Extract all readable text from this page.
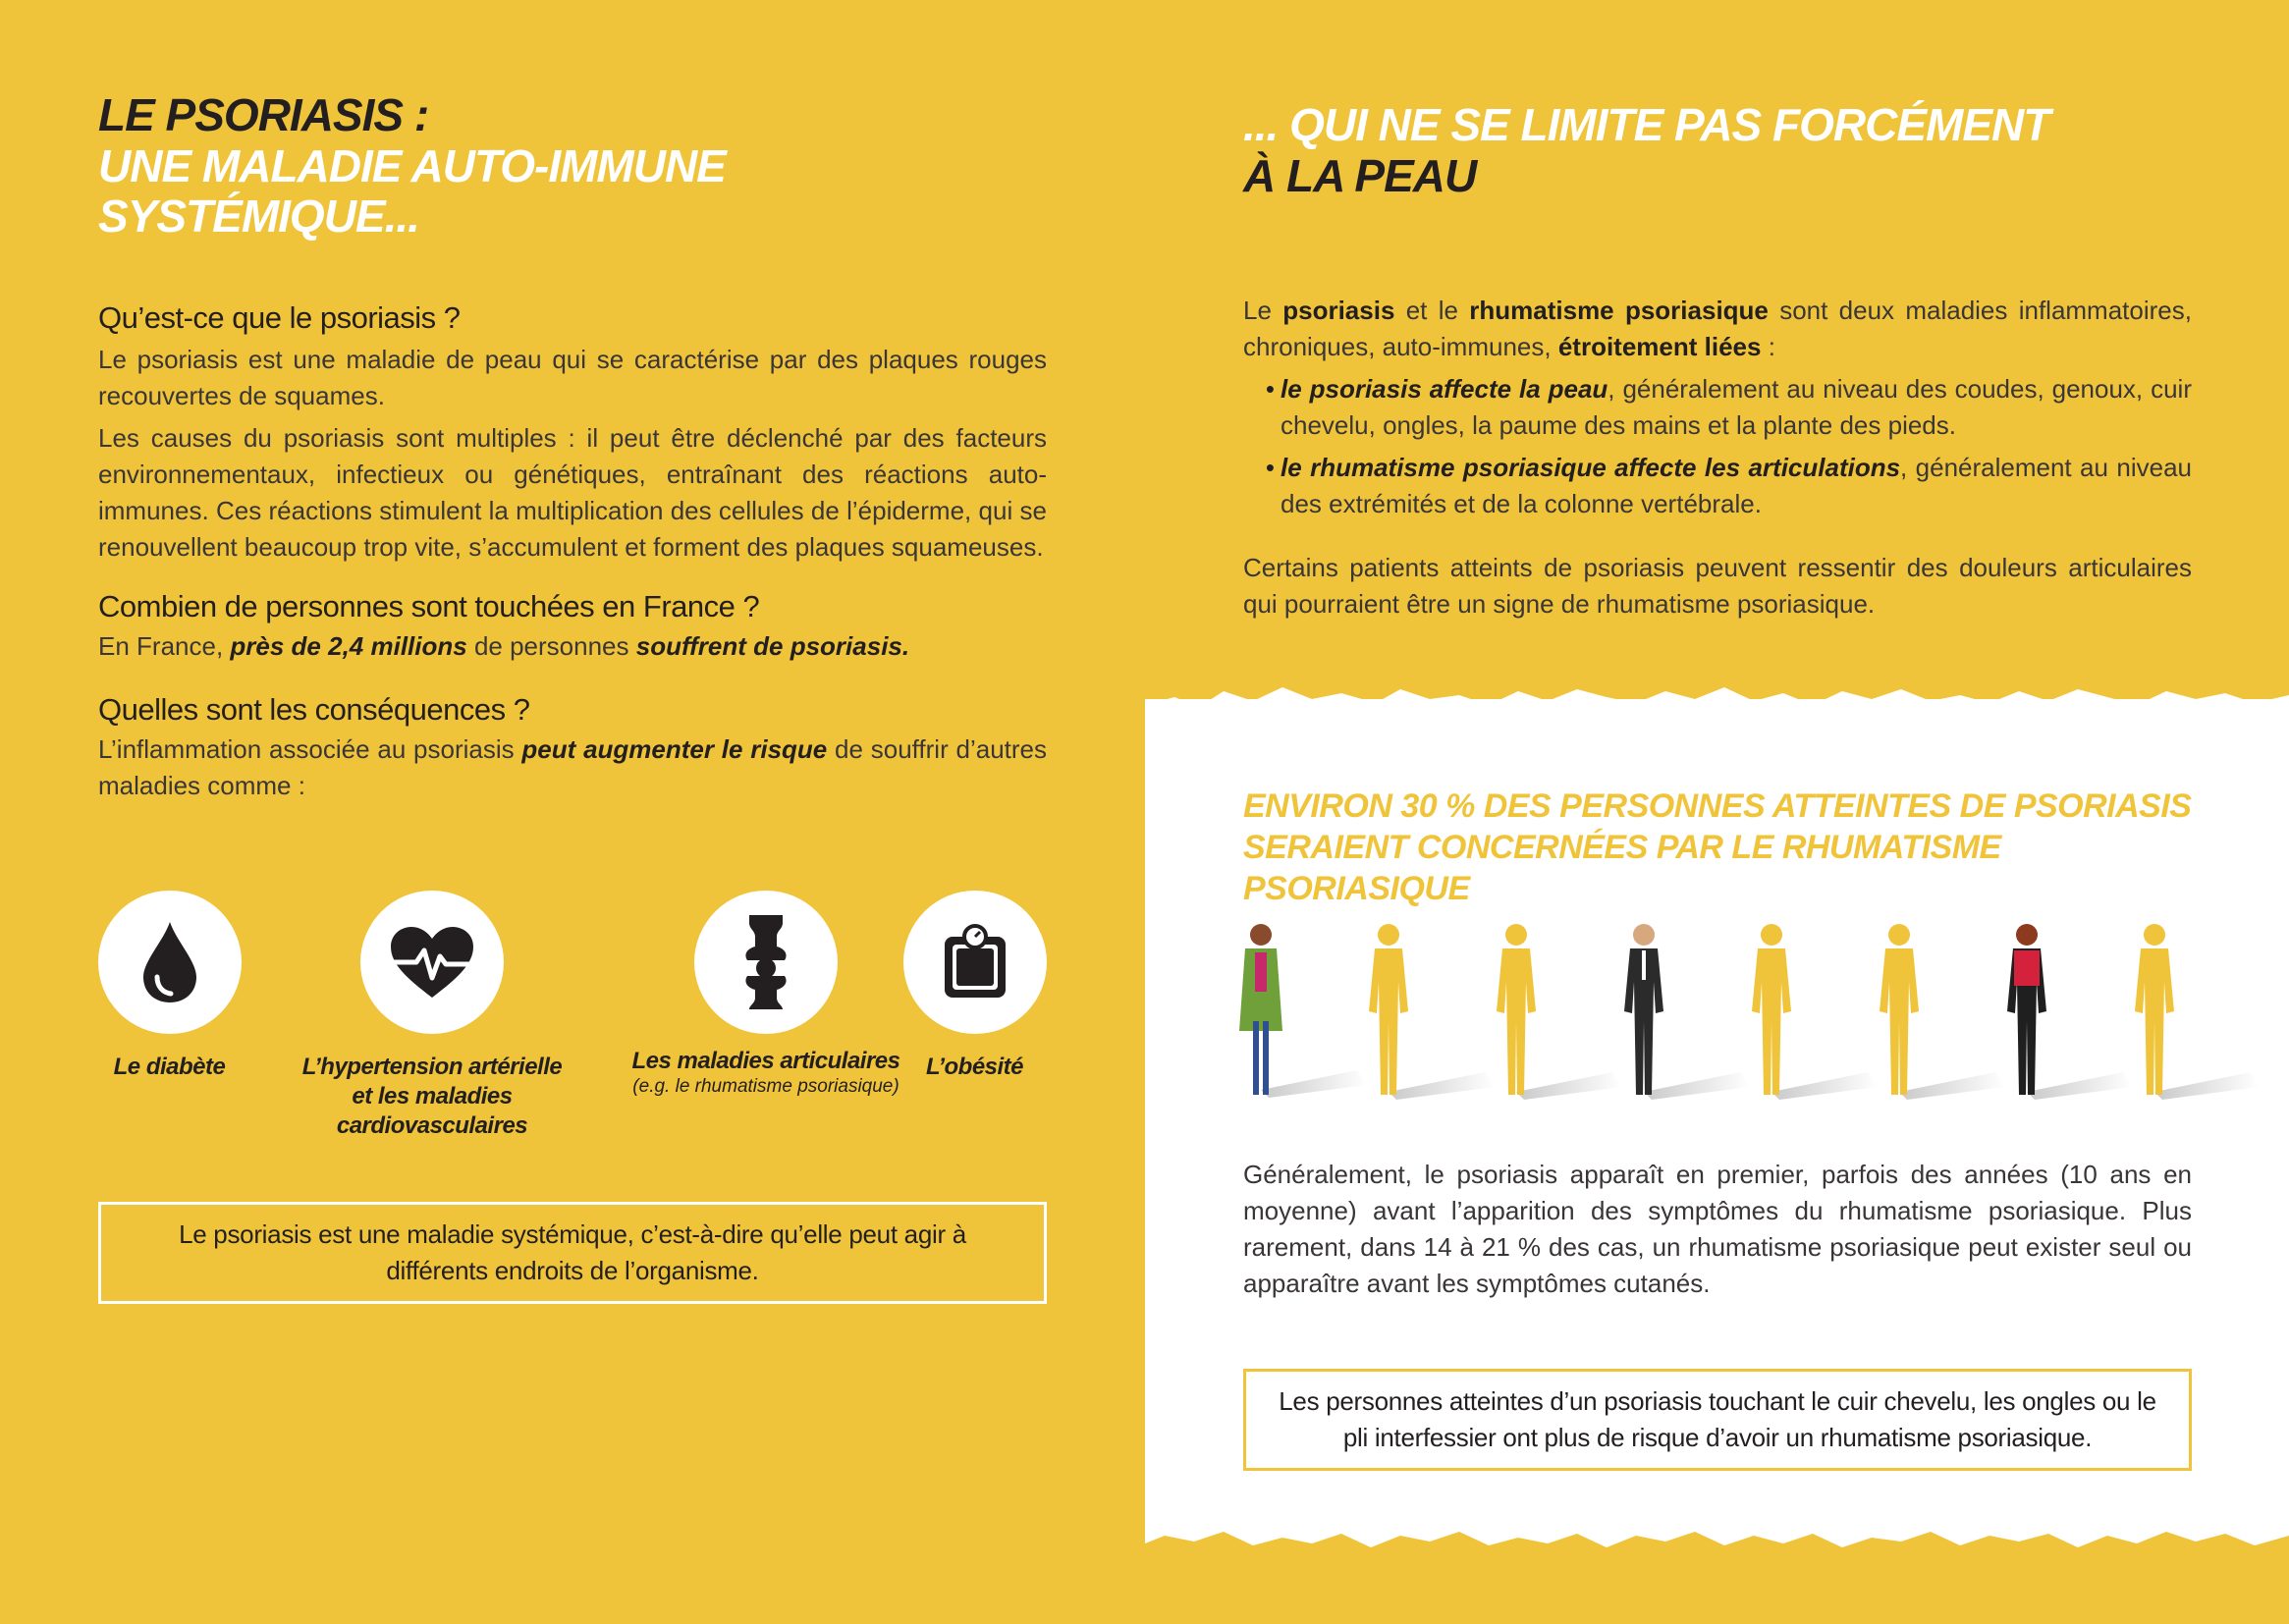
LE PSORIASIS :
UNE MALADIE AUTO-IMMUNE SYSTÉMIQUE...
Qu’est-ce que le psoriasis ?

Le psoriasis est une maladie de peau qui se caractérise par des plaques rouges recouvertes de squames.

Les causes du psoriasis sont multiples : il peut être déclenché par des facteurs environnementaux, infectieux ou génétiques, entraînant des réactions auto-immunes. Ces réactions stimulent la multiplication des cellules de l’épiderme, qui se renouvellent beaucoup trop vite, s’accumulent et forment des plaques squameuses.

Combien de personnes sont touchées en France ?

En France, près de 2,4 millions de personnes souffrent de psoriasis.

Quelles sont les conséquences ?

L’inflammation associée au psoriasis peut augmenter le risque de souffrir d’autres maladies comme :

Le diabète	L’hypertension artérielle
et les maladies cardiovasculaires
Les maladies articulaires
(e.g. le rhumatisme psoriasique)
L’obésité
Le psoriasis est une maladie systémique, c’est-à-dire qu’elle peut agir à différents endroits de l’organisme.
... QUI NE SE LIMITE PAS FORCÉMENT
À LA PEAU

Le psoriasis et le rhumatisme psoriasique sont deux maladies inflammatoires, chroniques, auto-immunes, étroitement liées :

• le psoriasis affecte la peau, généralement au niveau des coudes, genoux, cuir chevelu, ongles, la paume des mains et la plante des pieds.

• le rhumatisme psoriasique affecte les articulations, généralement au niveau des extrémités et de la colonne vertébrale.

Certains patients atteints de psoriasis peuvent ressentir des douleurs articulaires qui pourraient être un signe de rhumatisme psoriasique.

ENVIRON 30 % DES PERSONNES ATTEINTES DE PSORIASIS

SERAIENT CONCERNÉES PAR LE RHUMATISME PSORIASIQUE

Généralement, le psoriasis apparaît en premier, parfois des années (10 ans en moyenne) avant l’apparition des symptômes du rhumatisme psoriasique. Plus rarement, dans 14 à 21 % des cas, un rhumatisme psoriasique peut exister seul ou apparaître avant les symptômes cutanés.

Les personnes atteintes d’un psoriasis touchant le cuir chevelu, les ongles ou le pli interfessier ont plus de risque d’avoir un rhumatisme psoriasique.
